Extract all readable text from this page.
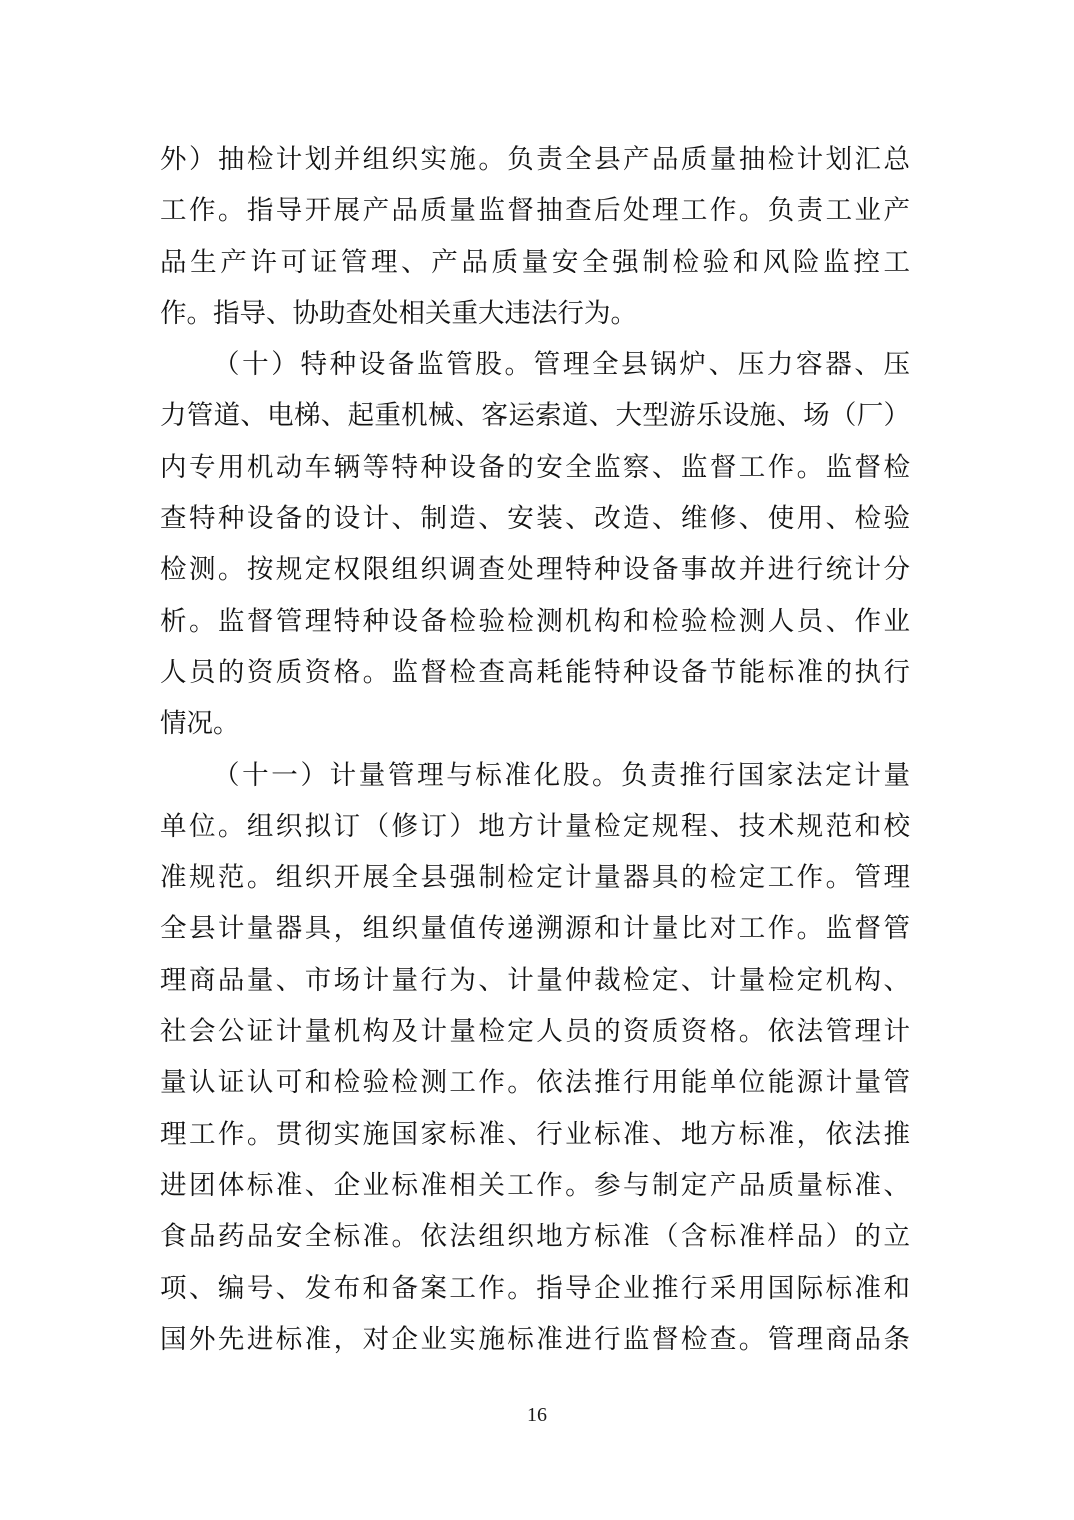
外）抽检计划并组织实施。负责全县产品质量抽检计划汇总
工作。指导开展产品质量监督抽查后处理工作。负责工业产
品生产许可证管理、产品质量安全强制检验和风险监控工
作。指导、协助查处相关重大违法行为。
（十）特种设备监管股。管理全县锅炉、压力容器、压
力管道、电梯、起重机械、客运索道、大型游乐设施、场（厂）
内专用机动车辆等特种设备的安全监察、监督工作。监督检
查特种设备的设计、制造、安装、改造、维修、使用、检验
检测。按规定权限组织调查处理特种设备事故并进行统计分
析。监督管理特种设备检验检测机构和检验检测人员、作业
人员的资质资格。监督检查高耗能特种设备节能标准的执行
情况。
（十一）计量管理与标准化股。负责推行国家法定计量
单位。组织拟订（修订）地方计量检定规程、技术规范和校
准规范。组织开展全县强制检定计量器具的检定工作。管理
全县计量器具，组织量值传递溯源和计量比对工作。监督管
理商品量、市场计量行为、计量仲裁检定、计量检定机构、
社会公证计量机构及计量检定人员的资质资格。依法管理计
量认证认可和检验检测工作。依法推行用能单位能源计量管
理工作。贯彻实施国家标准、行业标准、地方标准，依法推
进团体标准、企业标准相关工作。参与制定产品质量标准、
食品药品安全标准。依法组织地方标准（含标准样品）的立
项、编号、发布和备案工作。指导企业推行采用国际标准和
国外先进标准，对企业实施标准进行监督检查。管理商品条
16
